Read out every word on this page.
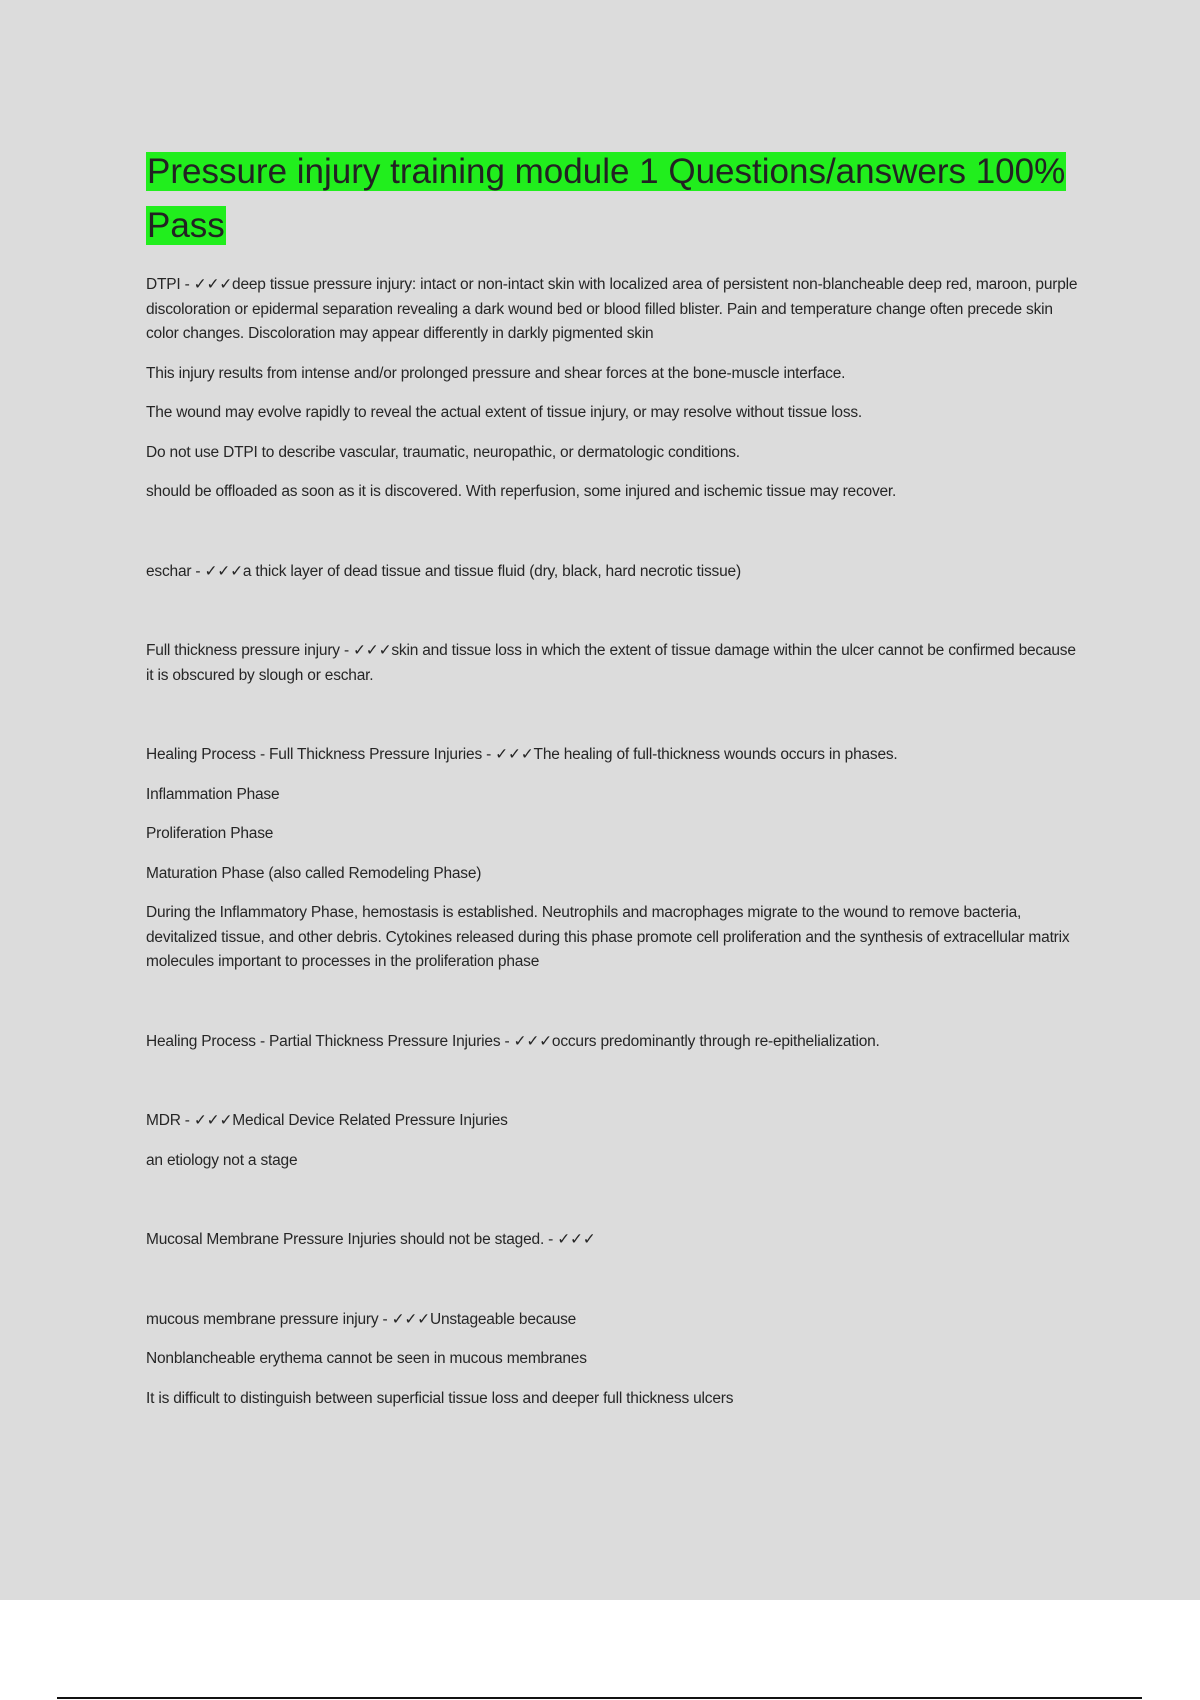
Pressure injury training module 1 Questions/answers 100% Pass

DTPI - ✓✓✓deep tissue pressure injury: intact or non-intact skin with localized area of persistent non-blancheable deep red, maroon, purple discoloration or epidermal separation revealing a dark wound bed or blood filled blister. Pain and temperature change often precede skin color changes. Discoloration may appear differently in darkly pigmented skin

This injury results from intense and/or prolonged pressure and shear forces at the bone-muscle interface.

The wound may evolve rapidly to reveal the actual extent of tissue injury, or may resolve without tissue loss.

Do not use DTPI to describe vascular, traumatic, neuropathic, or dermatologic conditions.

should be offloaded as soon as it is discovered. With reperfusion, some injured and ischemic tissue may recover.

eschar - ✓✓✓a thick layer of dead tissue and tissue fluid (dry, black, hard necrotic tissue)

Full thickness pressure injury - ✓✓✓skin and tissue loss in which the extent of tissue damage within the ulcer cannot be confirmed because it is obscured by slough or eschar.

Healing Process - Full Thickness Pressure Injuries - ✓✓✓The healing of full-thickness wounds occurs in phases.

Inflammation Phase

Proliferation Phase

Maturation Phase (also called Remodeling Phase)

During the Inflammatory Phase, hemostasis is established. Neutrophils and macrophages migrate to the wound to remove bacteria, devitalized tissue, and other debris. Cytokines released during this phase promote cell proliferation and the synthesis of extracellular matrix molecules important to processes in the proliferation phase

Healing Process - Partial Thickness Pressure Injuries - ✓✓✓occurs predominantly through re-epithelialization.

MDR - ✓✓✓Medical Device Related Pressure Injuries

an etiology not a stage

Mucosal Membrane Pressure Injuries should not be staged. - ✓✓✓

mucous membrane pressure injury - ✓✓✓Unstageable because

Nonblancheable erythema cannot be seen in mucous membranes

It is difficult to distinguish between superficial tissue loss and deeper full thickness ulcers
